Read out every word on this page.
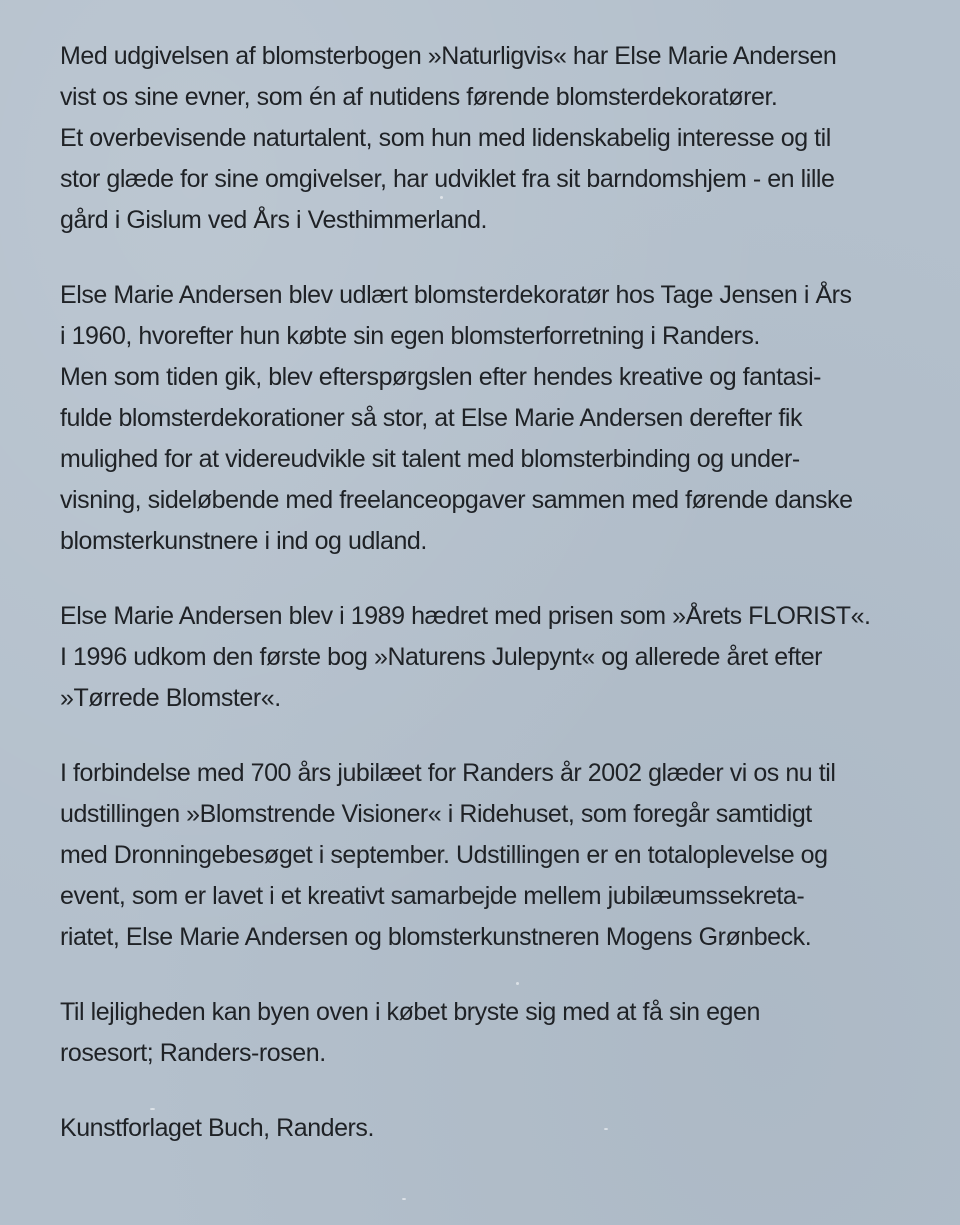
Med udgivelsen af blomsterbogen »Naturligvis« har Else Marie Andersen
vist os sine evner, som én af nutidens førende blomsterdekoratører.
Et overbevisende naturtalent, som hun med lidenskabelig interesse og til
stor glæde for sine omgivelser, har udviklet fra sit barndomshjem - en lille
gård i Gislum ved Års i Vesthimmerland.
Else Marie Andersen blev udlært blomsterdekoratør hos Tage Jensen i Års
i 1960, hvorefter hun købte sin egen blomsterforretning i Randers.
Men som tiden gik, blev efterspørgslen efter hendes kreative og fantasi-
fulde blomsterdekorationer så stor, at Else Marie Andersen derefter fik
mulighed for at videreudvikle sit talent med blomsterbinding og under-
visning, sideløbende med freelanceopgaver sammen med førende danske
blomsterkunstnere i ind og udland.
Else Marie Andersen blev i 1989 hædret med prisen som »Årets FLORIST«.
I 1996 udkom den første bog »Naturens Julepynt« og allerede året efter
»Tørrede Blomster«.
I forbindelse med 700 års jubilæet for Randers år 2002 glæder vi os nu til
udstillingen »Blomstrende Visioner« i Ridehuset, som foregår samtidigt
med Dronningebesøget i september. Udstillingen er en totaloplevelse og
event, som er lavet i et kreativt samarbejde mellem jubilæumssekreta-
riatet, Else Marie Andersen og blomsterkunstneren Mogens Grønbeck.
Til lejligheden kan byen oven i købet bryste sig med at få sin egen
rosesort; Randers-rosen.
Kunstforlaget Buch, Randers.
